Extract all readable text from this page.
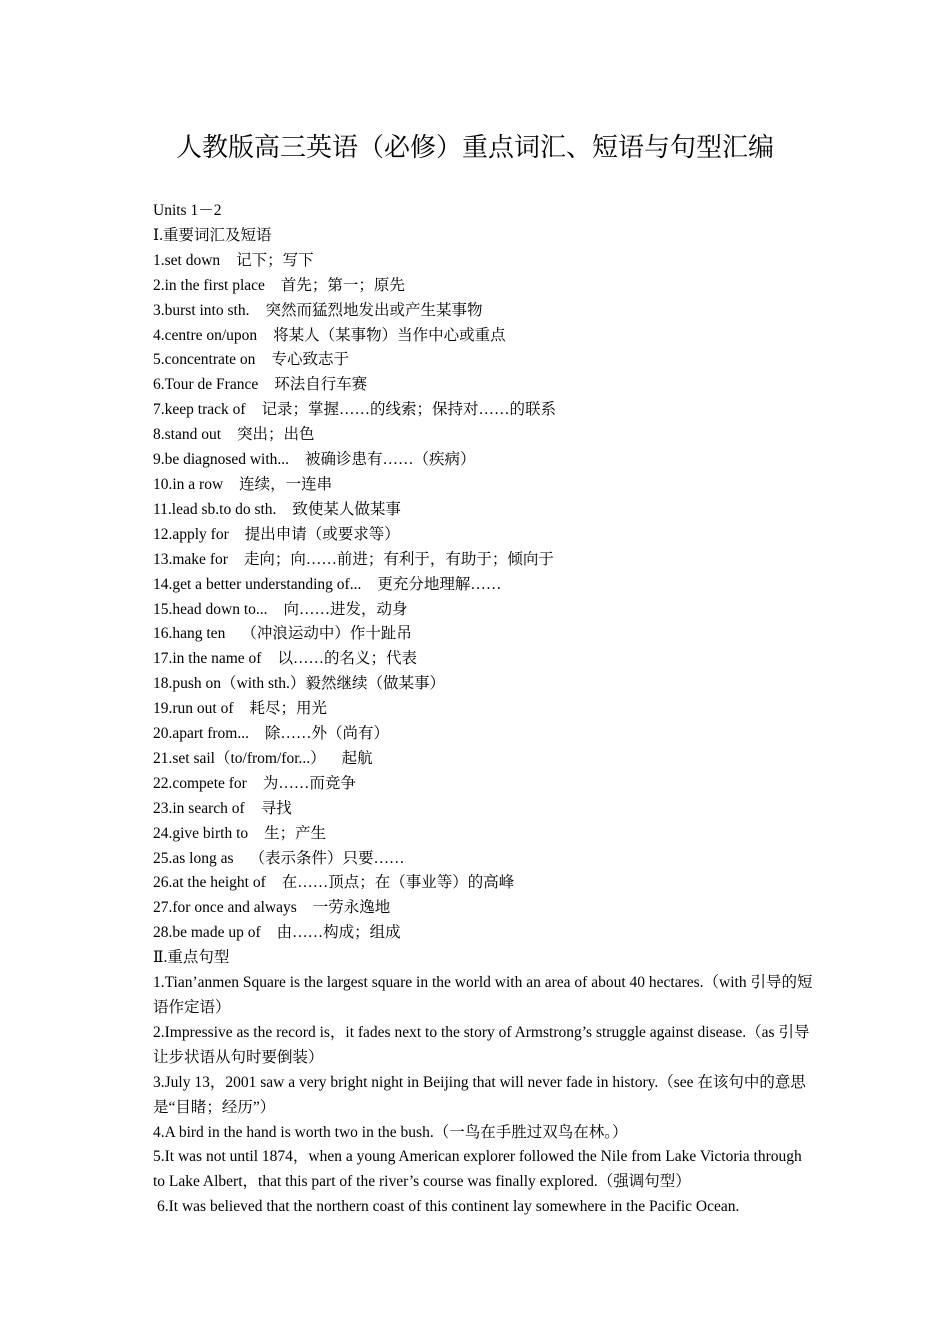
人教版高三英语（必修）重点词汇、短语与句型汇编
Units 1－2
Ⅰ.重要词汇及短语
1.set down 记下；写下
2.in the first place 首先；第一；原先
3.burst into sth. 突然而猛烈地发出或产生某事物
4.centre on/upon 将某人（某事物）当作中心或重点
5.concentrate on 专心致志于
6.Tour de France 环法自行车赛
7.keep track of 记录；掌握……的线索；保持对……的联系
8.stand out 突出；出色
9.be diagnosed with... 被确诊患有……（疾病）
10.in a row 连续，一连串
11.lead sb.to do sth. 致使某人做某事
12.apply for 提出申请（或要求等）
13.make for 走向；向……前进；有利于，有助于；倾向于
14.get a better understanding of... 更充分地理解……
15.head down to... 向……进发，动身
16.hang ten （冲浪运动中）作十趾吊
17.in the name of 以……的名义；代表
18.push on（with sth.）毅然继续（做某事）
19.run out of 耗尽；用光
20.apart from... 除……外（尚有）
21.set sail（to/from/for...） 起航
22.compete for 为……而竞争
23.in search of 寻找
24.give birth to 生；产生
25.as long as （表示条件）只要……
26.at the height of 在……顶点；在（事业等）的高峰
27.for once and always 一劳永逸地
28.be made up of 由……构成；组成
Ⅱ.重点句型
1.Tian’anmen Square is the largest square in the world with an area of about 40 hectares.（with 引导的短语作定语）
2.Impressive as the record is，it fades next to the story of Armstrong’s struggle against disease.（as 引导让步状语从句时要倒装）
3.July 13，2001 saw a very bright night in Beijing that will never fade in history.（see 在该句中的意思是“目睹；经历”）
4.A bird in the hand is worth two in the bush.（一鸟在手胜过双鸟在林。）
5.It was not until 1874，when a young American explorer followed the Nile from Lake Victoria through to Lake Albert，that this part of the river’s course was finally explored.（强调句型）
6.It was believed that the northern coast of this continent lay somewhere in the Pacific Ocean.
